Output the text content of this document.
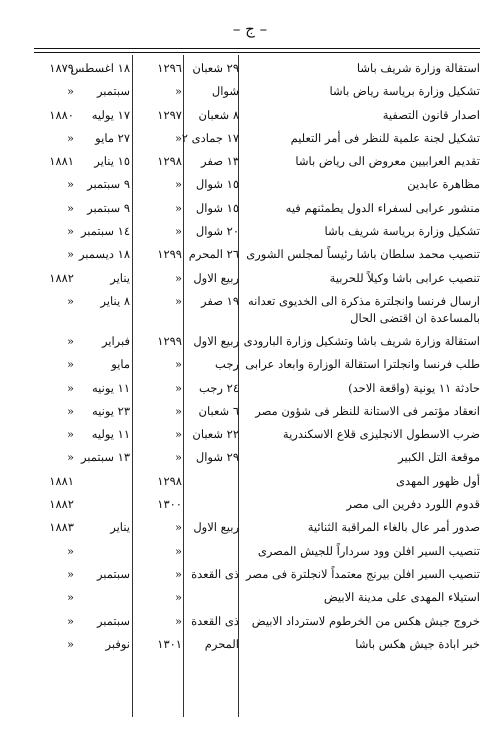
– ج –
استقالة وزارة شريف باشا
٢٩ شعبان
١٢٩٦
١٨ اغسطس
١٨٧٩
تشكيل وزارة برياسة رياض باشا
شوال
«
سبتمبر
«
اصدار قانون التصفية
٨ شعبان
١٢٩٧
١٧ يوليه
١٨٨٠
تشكيل لجنة علمية للنظر فى أمر التعليم
١٧ جمادى ٢
«
٢٧ مايو
«
تقديم العرابيين معروض الى رياض باشا
١٣ صفر
١٢٩٨
١٥ يناير
١٨٨١
مظاهرة عابدين
١٥ شوال
«
٩ سبتمبر
«
منشور عرابى لسفراء الدول يطمئنهم فيه
١٥ شوال
«
٩ سبتمبر
«
تشكيل وزارة برياسة شريف باشا
٢٠ شوال
«
١٤ سبتمبر
«
تنصيب محمد سلطان باشا رئيساً لمجلس الشورى
٢٦ المحرم
١٢٩٩
١٨ ديسمبر
«
تنصيب عرابى باشا وكيلاً للحربية
ربيع الاول
«
يناير
١٨٨٢
ارسال فرنسا وانجلترة مذكرة الى الخديوى تعدانه بالمساعدة ان اقتضى الحال
١٩ صفر
«
٨ يناير
«
استقالة وزارة شريف باشا وتشكيل وزارة البارودى
ربيع الاول
١٢٩٩
فبراير
«
طلب فرنسا وانجلترا استقالة الوزارة وابعاد عرابى
رجب
«
مايو
«
حادثة ١١ يونية (واقعة الاحد)
٢٤ رجب
«
١١ يونيه
«
انعقاد مؤتمر فى الاستانة للنظر فى شؤون مصر
٦ شعبان
«
٢٣ يونيه
«
ضرب الاسطول الانجليزى قلاع الاسكندرية
٢٢ شعبان
«
١١ يوليه
«
موقعة التل الكبير
٢٩ شوال
«
١٣ سبتمبر
«
أول ظهور المهدى
١٢٩٨
١٨٨١
قدوم اللورد دفرين الى مصر
١٣٠٠
١٨٨٢
صدور أمر عال بالغاء المراقبة الثنائية
ربيع الاول
«
يناير
١٨٨٣
تنصيب السير افلن وود سرداراً للجيش المصرى
«
«
تنصيب السير افلن بيرنج معتمداً لانجلترة فى مصر
ذى القعدة
«
سبتمبر
«
استيلاء المهدى على مدينة الابيض
«
«
خروج جيش هكس من الخرطوم لاسترداد الابيض
ذى القعدة
«
سبتمبر
«
خبر ابادة جيش هكس باشا
المحرم
١٣٠١
نوفبر
«
